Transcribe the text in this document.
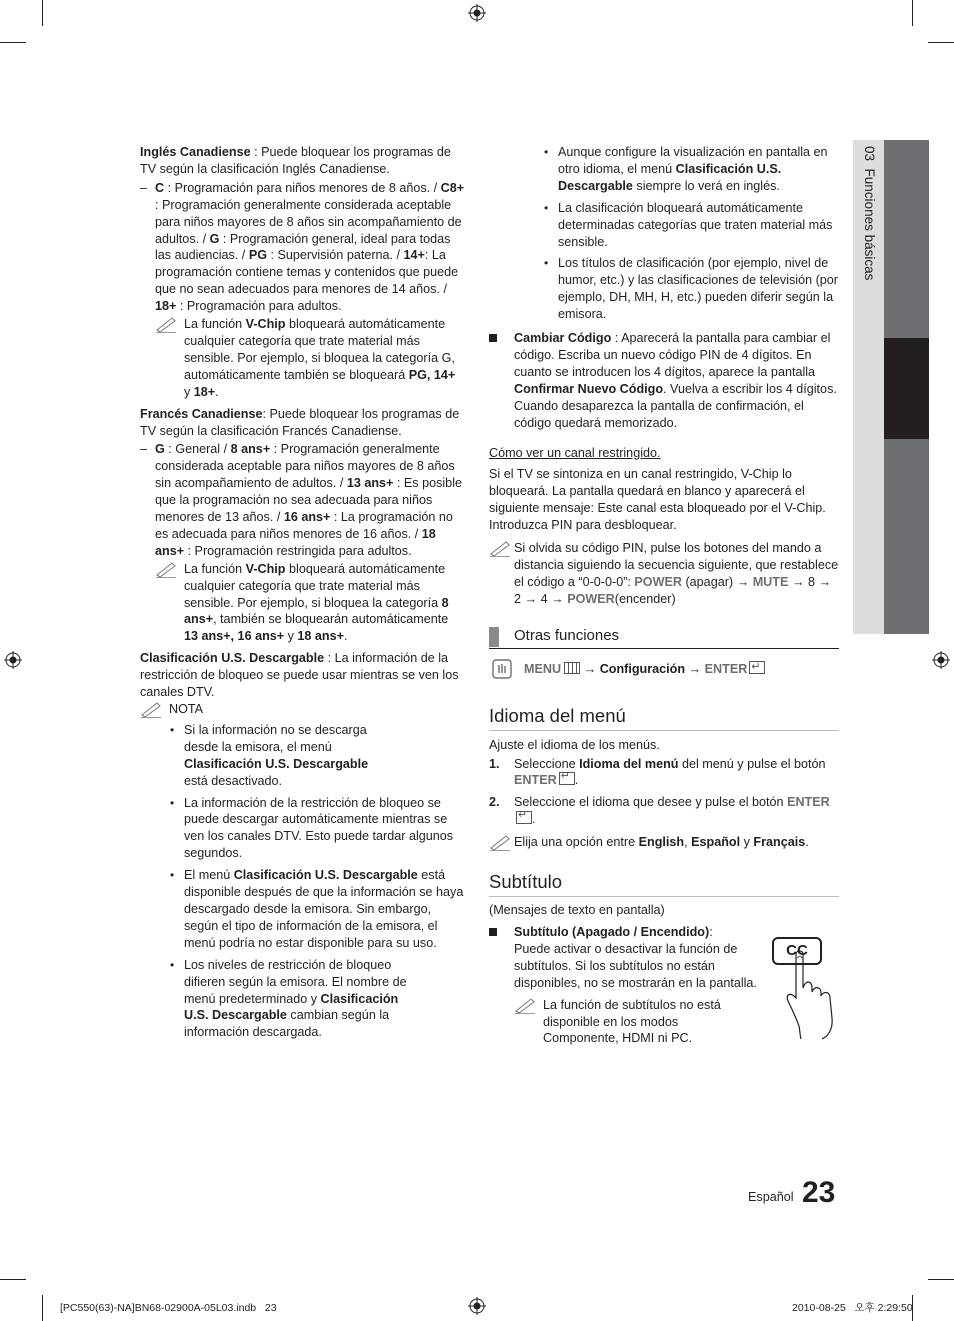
03  Funciones básicas

Inglés Canadiense : Puede bloquear los programas de TV según la clasificación Inglés Canadiense.

– C : Programación para niños menores de 8 años. / C8+ : Programación generalmente considerada aceptable para niños mayores de 8 años sin acompañamiento de adultos. / G : Programación general, ideal para todas las audiencias. / PG : Supervisión paterna. / 14+: La programación contiene temas y contenidos que puede que no sean adecuados para menores de 14 años. / 18+ : Programación para adultos.

La función V-Chip bloqueará automáticamente cualquier categoría que trate material más sensible. Por ejemplo, si bloquea la categoría G, automáticamente también se bloqueará PG, 14+ y 18+.

Francés Canadiense: Puede bloquear los programas de TV según la clasificación Francés Canadiense.

– G : General / 8 ans+ : Programación generalmente considerada aceptable para niños mayores de 8 años sin acompañamiento de adultos. / 13 ans+ : Es posible que la programación no sea adecuada para niños menores de 13 años. / 16 ans+ : La programación no es adecuada para niños menores de 16 años. / 18 ans+ : Programación restringida para adultos.

La función V-Chip bloqueará automáticamente cualquier categoría que trate material más sensible. Por ejemplo, si bloquea la categoría 8 ans+, también se bloquearán automáticamente 13 ans+, 16 ans+ y 18 ans+.

Clasificación U.S. Descargable : La información de la restricción de bloqueo se puede usar mientras se ven los canales DTV.

NOTA

• Si la información no se descarga desde la emisora, el menú Clasificación U.S. Descargable está desactivado.

• La información de la restricción de bloqueo se puede descargar automáticamente mientras se ven los canales DTV. Esto puede tardar algunos segundos.

• El menú Clasificación U.S. Descargable está disponible después de que la información se haya descargado desde la emisora. Sin embargo, según el tipo de información de la emisora, el menú podría no estar disponible para su uso.

• Los niveles de restricción de bloqueo difieren según la emisora. El nombre de menú predeterminado y Clasificación U.S. Descargable cambian según la información descargada.

• Aunque configure la visualización en pantalla en otro idioma, el menú Clasificación U.S. Descargable siempre lo verá en inglés.

• La clasificación bloqueará automáticamente determinadas categorías que traten material más sensible.

• Los títulos de clasificación (por ejemplo, nivel de humor, etc.) y las clasificaciones de televisión (por ejemplo, DH, MH, H, etc.) pueden diferir según la emisora.

Cambiar Código : Aparecerá la pantalla para cambiar el código. Escriba un nuevo código PIN de 4 dígitos. En cuanto se introducen los 4 dígitos, aparece la pantalla Confirmar Nuevo Código. Vuelva a escribir los 4 dígitos. Cuando desaparezca la pantalla de confirmación, el código quedará memorizado.

Cómo ver un canal restringido.

Si el TV se sintoniza en un canal restringido, V-Chip lo bloqueará. La pantalla quedará en blanco y aparecerá el siguiente mensaje: Este canal esta bloqueado por el V-Chip. Introduzca PIN para desbloquear.

Si olvida su código PIN, pulse los botones del mando a distancia siguiendo la secuencia siguiente, que restablece el código a “0-0-0-0”: POWER (apagar) → MUTE → 8 → 2 → 4 → POWER(encender)
Otras funciones
MENU → Configuración → ENTER↵
Idioma del menú

Ajuste el idioma de los menús.

1. Seleccione Idioma del menú del menú y pulse el botón ENTER↵ .

2. Seleccione el idioma que desee y pulse el botón ENTER↵.

Elija una opción entre English, Español y Français.
Subtítulo

(Mensajes de texto en pantalla)

Subtítulo (Apagado / Encendido):
Puede activar o desactivar la función de subtítulos. Si los subtítulos no están disponibles, no se mostrarán en la pantalla.

La función de subtítulos no está disponible en los modos Componente, HDMI ni PC.
CC
Español 23
[PC550(63)-NA]BN68-02900A-05L03.indb   23	2010-08-25   오후 2:29:50
